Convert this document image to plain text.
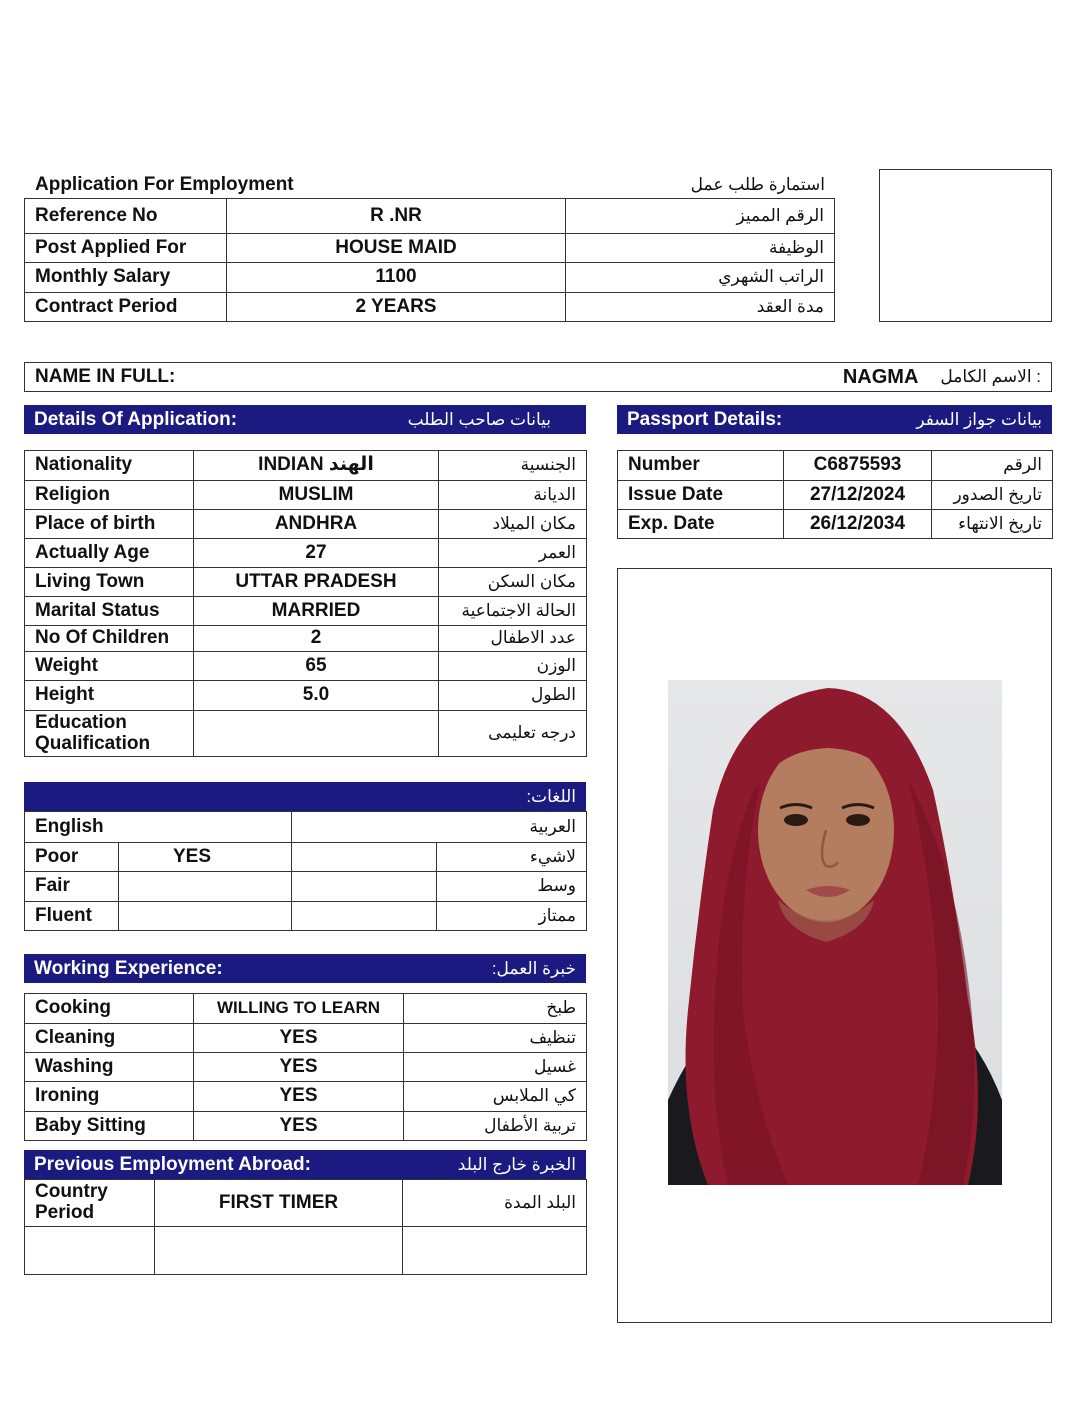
Application For Employment	استمارة طلب عمل
Reference No	R .NR	الرقم المميز
Post Applied For	HOUSE MAID	الوظيفة
Monthly Salary	1100	الراتب الشهري
Contract Period	2 YEARS	مدة العقد
NAME IN FULL:	NAGMA : الاسم الكامل
Details Of Application:	بيانات صاحب الطلب	Passport Details:	بيانات جواز السفر
Nationality	INDIAN الهند	الجنسية
Religion	MUSLIM	الديانة
Place of birth	ANDHRA	مكان الميلاد
Actually Age	27	العمر
Living Town	UTTAR PRADESH	مكان السكن
Marital Status	MARRIED	الحالة الاجتماعية
No Of Children	2	عدد الاطفال
Weight	65	الوزن
Height	5.0	الطول

Education
Qualification		درجه تعليمى
Number	C6875593	الرقم
Issue Date	27/12/2024	تاريخ الصدور
Exp. Date	26/12/2034	تاريخ الانتهاء
اللغات:
English		العربية	
Poor	YES		لاشيء
Fair			وسط
Fluent			ممتاز
Working Experience:	خبرة العمل:
Cooking	WILLING TO LEARN	طبخ
Cleaning	YES	تنظيف
Washing	YES	غسيل
Ironing	YES	كي الملابس
Baby Sitting	YES	تربية الأطفال
Previous Employment Abroad:	الخبرة خارج البلد
Country
Period	FIRST TIMER	البلد المدة
